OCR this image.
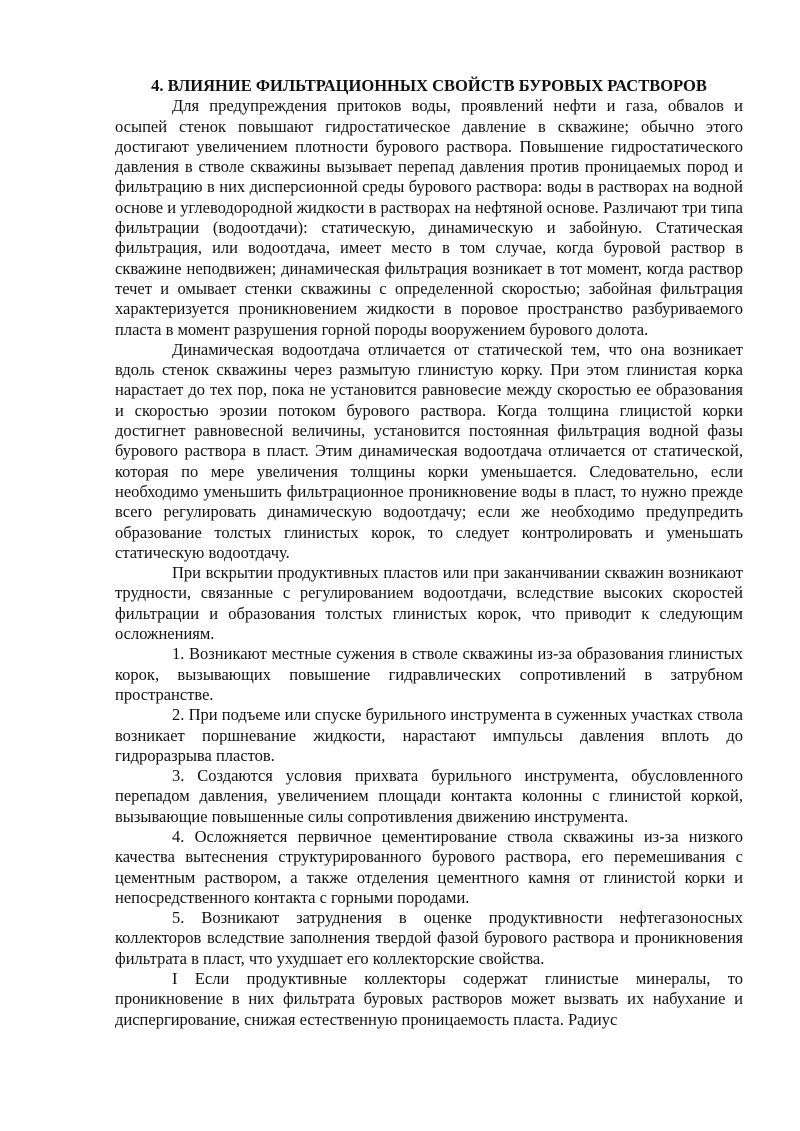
4. ВЛИЯНИЕ ФИЛЬТРАЦИОННЫХ СВОЙСТВ БУРОВЫХ РАСТВОРОВ

Для предупреждения притоков воды, проявлений нефти и газа, обвалов и осыпей стенок повышают гидростатическое давление в скважине; обычно этого достигают увеличением плотности бурового раствора. Повышение гидростатического давления в стволе скважины вызывает перепад давления против проницаемых пород и фильтрацию в них дисперсионной среды бурового раствора: воды в растворах на водной основе и углеводородной жидкости в растворах на нефтяной основе. Различают три типа фильтрации (водоотдачи): статическую, динамическую и забойную. Статическая фильтрация, или водоотдача, имеет место в том случае, когда буровой раствор в скважине неподвижен; динамическая фильтрация возникает в тот момент, когда раствор течет и омывает стенки скважины с определенной скоростью; забойная фильтрация характеризуется проникновением жидкости в поровое пространство разбуриваемого пласта в момент разрушения горной породы вооружением бурового долота.

Динамическая водоотдача отличается от статической тем, что она возникает вдоль стенок скважины через размытую глинистую корку. При этом глинистая корка нарастает до тех пор, пока не установится равновесие между скоростью ее образования и скоростью эрозии потоком бурового раствора. Когда толщина глицистой корки достигнет равновесной величины, установится постоянная фильтрация водной фазы бурового раствора в пласт. Этим динамическая водоотдача отличается от статической, которая по мере увеличения толщины корки уменьшается. Следовательно, если необходимо уменьшить фильтрационное проникновение воды в пласт, то нужно прежде всего регулировать динамическую водоотдачу; если же необходимо предупредить образование толстых глинистых корок, то следует контролировать и уменьшать статическую водоотдачу.

При вскрытии продуктивных пластов или при заканчивании скважин возникают трудности, связанные с регулированием водоотдачи, вследствие высоких скоростей фильтрации и образования толстых глинистых корок, что приводит к следующим осложнениям.

1. Возникают местные сужения в стволе скважины из-за образования глинистых корок, вызывающих повышение гидравлических сопротивлений в затрубном пространстве.

2. При подъеме или спуске бурильного инструмента в суженных участках ствола возникает поршневание жидкости, нарастают импульсы давления вплоть до гидроразрыва пластов.

3. Создаются условия прихвата бурильного инструмента, обусловленного перепадом давления, увеличением площади контакта колонны с глинистой коркой, вызывающие повышенные силы сопротивления движению инструмента.

4. Осложняется первичное цементирование ствола скважины из-за низкого качества вытеснения структурированного бурового раствора, его перемешивания с цементным раствором, а также отделения цементного камня от глинистой корки и непосредственного контакта с горными породами.

5. Возникают затруднения в оценке продуктивности нефтегазоносных коллекторов вследствие заполнения твердой фазой бурового раствора и проникновения фильтрата в пласт, что ухудшает его коллекторские свойства.

I Если продуктивные коллекторы содержат глинистые минералы, то проникновение в них фильтрата буровых растворов может вызвать их набухание и диспергирование, снижая естественную проницаемость пласта. Радиус
